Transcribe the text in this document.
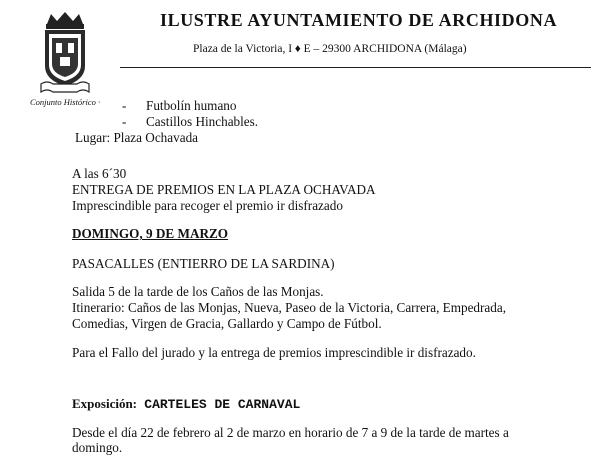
Conjunto Histórico ·
ILUSTRE AYUNTAMIENTO DE ARCHIDONA
Plaza de la Victoria, I ♦ E – 29300 ARCHIDONA (Málaga)
- Futbolín humano
- Castillos Hinchables.
Lugar: Plaza Ochavada
A las 6´30
ENTREGA DE PREMIOS EN LA PLAZA OCHAVADA
Imprescindible para recoger el premio ir disfrazado
DOMINGO, 9 DE MARZO
PASACALLES (ENTIERRO DE LA SARDINA)
Salida 5 de la tarde de los Caños de las Monjas.
Itinerario: Caños de las Monjas, Nueva, Paseo de la Victoria, Carrera, Empedrada,
Comedias, Virgen de Gracia, Gallardo y Campo de Fútbol.
Para el Fallo del jurado y la entrega de premios imprescindible ir disfrazado.
Exposición: CARTELES DE CARNAVAL
Desde el día 22 de febrero al 2 de marzo en horario de 7 a 9 de la tarde de martes a
domingo.
